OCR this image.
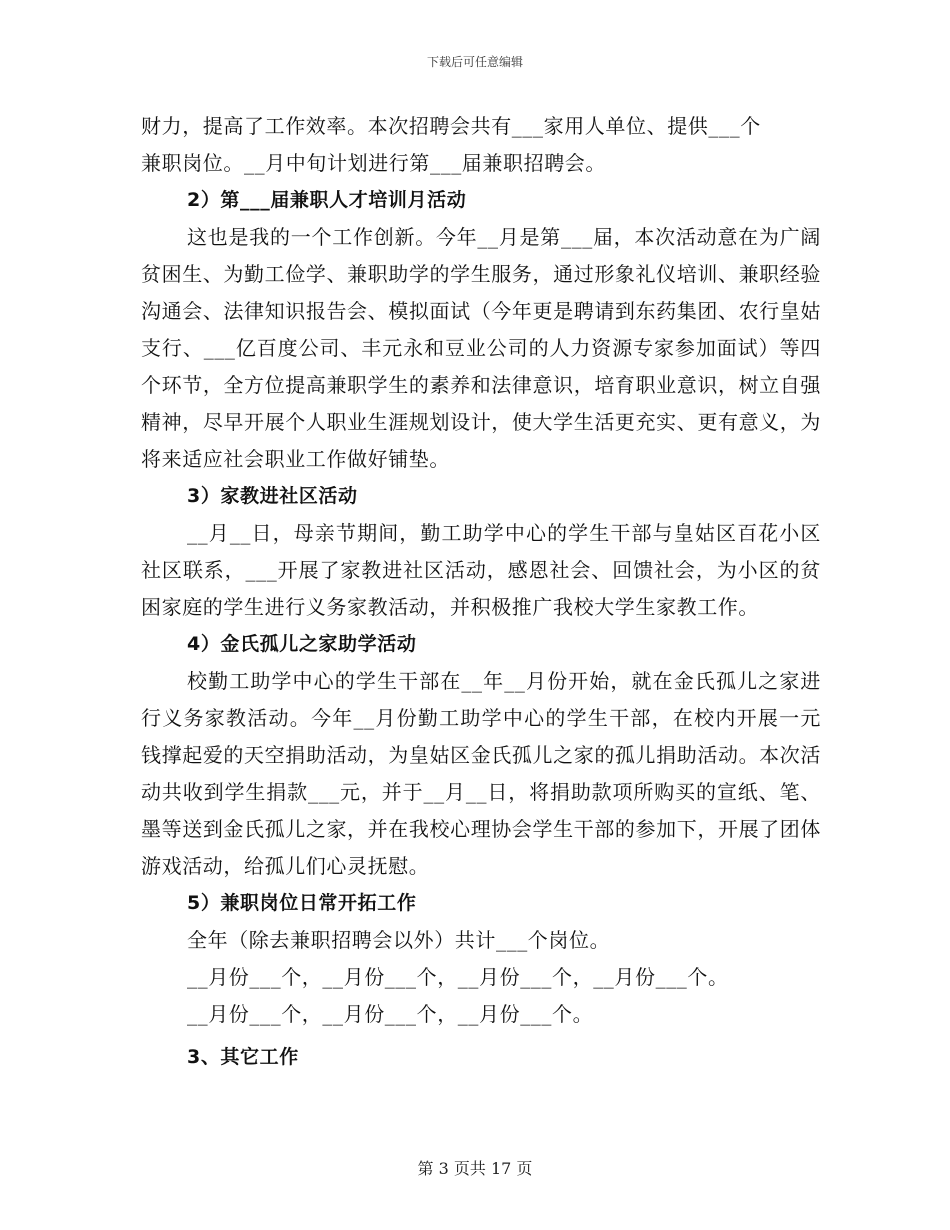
下载后可任意编辑

财力，提高了工作效率。本次招聘会共有___家用人单位、提供___个

兼职岗位。__月中旬计划进行第___届兼职招聘会。

2）第___届兼职人才培训月活动

这也是我的一个工作创新。今年__月是第___届，本次活动意在为广阔贫困生、为勤工俭学、兼职助学的学生服务，通过形象礼仪培训、兼职经验沟通会、法律知识报告会、模拟面试（今年更是聘请到东药集团、农行皇姑支行、___亿百度公司、丰元永和豆业公司的人力资源专家参加面试）等四个环节，全方位提高兼职学生的素养和法律意识，培育职业意识，树立自强精神，尽早开展个人职业生涯规划设计，使大学生活更充实、更有意义，为将来适应社会职业工作做好铺垫。

3）家教进社区活动

__月__日，母亲节期间，勤工助学中心的学生干部与皇姑区百花小区社区联系，___开展了家教进社区活动，感恩社会、回馈社会，为小区的贫困家庭的学生进行义务家教活动，并积极推广我校大学生家教工作。

4）金氏孤儿之家助学活动

校勤工助学中心的学生干部在__年__月份开始，就在金氏孤儿之家进行义务家教活动。今年__月份勤工助学中心的学生干部，在校内开展一元钱撑起爱的天空捐助活动，为皇姑区金氏孤儿之家的孤儿捐助活动。本次活动共收到学生捐款___元，并于__月__日，将捐助款项所购买的宣纸、笔、墨等送到金氏孤儿之家，并在我校心理协会学生干部的参加下，开展了团体游戏活动，给孤儿们心灵抚慰。

5）兼职岗位日常开拓工作

全年（除去兼职招聘会以外）共计___个岗位。

__月份___个，__月份___个，__月份___个，__月份___个。

__月份___个，__月份___个，__月份___个。

3、其它工作

第 3 页共 17 页
